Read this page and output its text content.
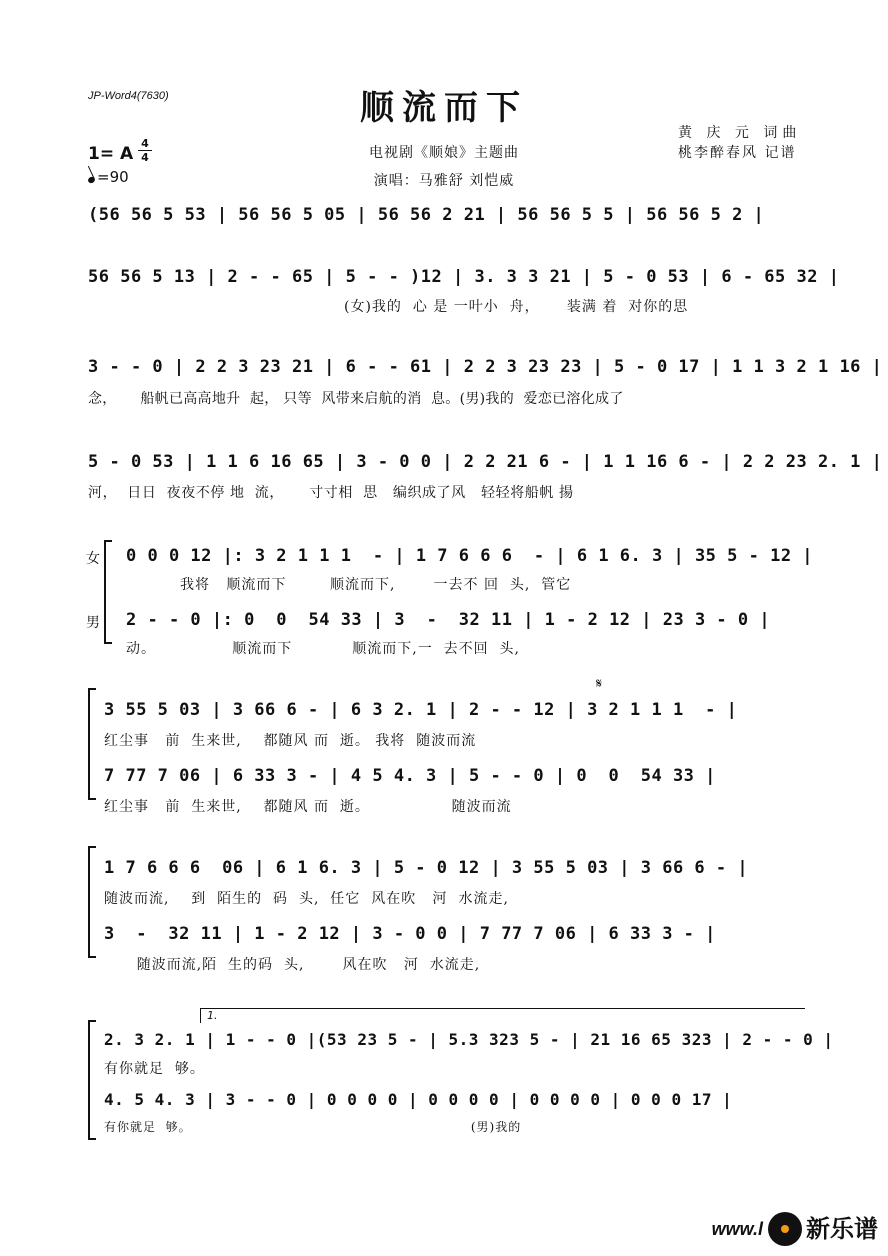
JP-Word4(7630)	顺流而下
电视剧《顺娘》主题曲
演唱：马雅舒 刘恺威
黄 庆 元 词曲
桃李醉春风 记谱
1= A
4
4
=90
(56 56 5 53 | 56 56 5 05 | 56 56 2 21 | 56 56 5 5 | 56 56 5 2 |
56 56 5 13 | 2 - - 65 | 5 - - )12 | 3. 3 3 21 | 5 - 0 53 | 6 - 65 32 |
(女)我的  心 是 一叶小  舟，     装满 着  对你的思
3 - - 0 | 2 2 3 23 21 | 6 - - 61 | 2 2 3 23 23 | 5 - 0 17 | 1 1 3 2 1 16 |
念，     船帆已高高地升  起， 只等  风带来启航的消  息。(男)我的  爱恋已溶化成了
5 - 0 53 | 1 1 6 16 65 | 3 - 0 0 | 2 2 21 6 - | 1 1 16 6 - | 2 2 23 2. 1 |
河，  日日  夜夜不停 地  流，     寸寸相  思   编织成了风   轻轻将船帆 揚
女
男
0 0 0 12 |: 3 2 1 1 1  - | 1 7 6 6 6  - | 6 1 6. 3 | 35 5 - 12 |
我将   顺流而下        顺流而下,       一去不 回  头,  管它
2 - - 0 |: 0  0  54 33 | 3  -  32 11 | 1 - 2 12 | 23 3 - 0 |
动。              顺流而下           顺流而下,一  去不回  头,
𝄋
3 55 5 03 | 3 66 6 - | 6 3 2. 1 | 2 - - 12 | 3 2 1 1 1  - |
红尘事   前  生来世,    都随风 而  逝。 我将  随波而流
7 77 7 06 | 6 33 3 - | 4 5 4. 3 | 5 - - 0 | 0  0  54 33 |
红尘事   前  生来世,    都随风 而  逝。               随波而流
1 7 6 6 6  06 | 6 1 6. 3 | 5 - 0 12 | 3 55 5 03 | 3 66 6 - |
随波而流,    到  陌生的  码  头,  任它  风在吹   河  水流走,
3  -  32 11 | 1 - 2 12 | 3 - 0 0 | 7 77 7 06 | 6 33 3 - |
随波而流,陌  生的码  头,       风在吹   河  水流走,
1.
2. 3 2. 1 | 1 - - 0 |(53 23 5 - | 5.3 323 5 - | 21 16 65 323 | 2 - - 0 |
有你就足  够。
4. 5 4. 3 | 3 - - 0 | 0 0 0 0 | 0 0 0 0 | 0 0 0 0 | 0 0 0 17 |
有你就足  够。                                                          (男)我的
www.l 新乐谱
